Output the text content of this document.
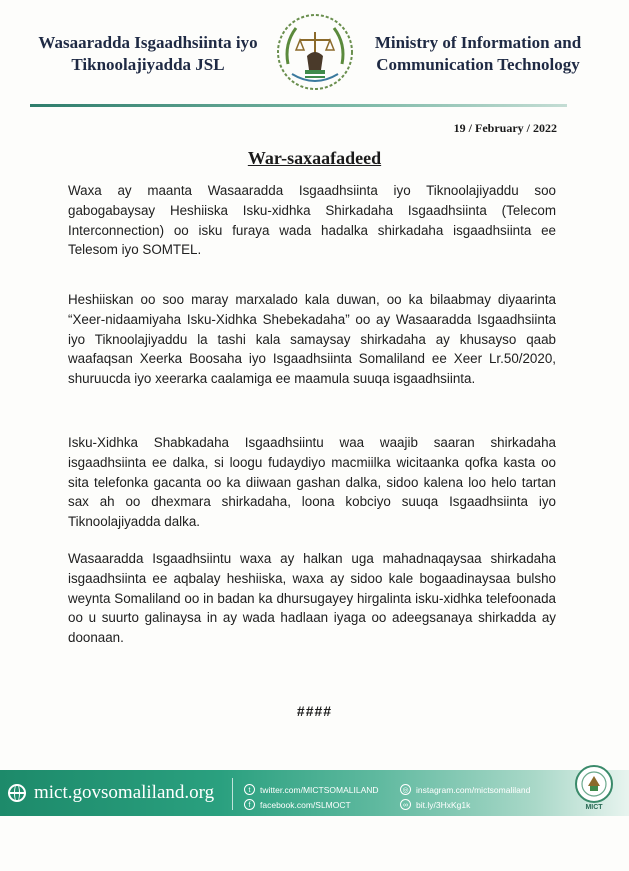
Wasaaradda Isgaadhsiinta iyo
Tiknoolajiyadda JSL
Ministry of Information and
Communication Technology
19 / February / 2022
War-saxaafadeed
Waxa ay maanta Wasaaradda Isgaadhsiinta iyo Tiknoolajiyaddu soo gabogabaysay Heshiiska Isku-xidhka Shirkadaha Isgaadhsiinta (Telecom Interconnection) oo isku furaya wada hadalka shirkadaha isgaadhsiinta ee Telesom iyo SOMTEL.
Heshiiskan oo soo maray marxalado kala duwan, oo ka bilaabmay diyaarinta “Xeer-nidaamiyaha Isku-Xidhka Shebekadaha” oo ay Wasaaradda Isgaadhsiinta iyo Tiknoolajiyaddu la tashi kala samaysay shirkadaha ay khusayso qaab waafaqsan Xeerka Boosaha iyo Isgaadhsiinta Somaliland ee Xeer Lr.50/2020, shuruucda iyo xeerarka caalamiga ee maamula suuqa isgaadhsiinta.
Isku-Xidhka Shabkadaha Isgaadhsiintu waa waajib saaran shirkadaha isgaadhsiinta ee dalka, si loogu fudaydiyo macmiilka wicitaanka qofka kasta oo sita telefonka gacanta oo ka diiwaan gashan dalka, sidoo kalena loo helo tartan sax ah oo dhexmara shirkadaha, loona kobciyo suuqa Isgaadhsiinta iyo Tiknoolajiyadda dalka.
Wasaaradda Isgaadhsiintu waxa ay halkan uga mahadnaqaysaa shirkadaha isgaadhsiinta ee aqbalay heshiiska, waxa ay sidoo kale bogaadinaysaa bulsho weynta Somaliland oo in badan ka dhursugayey hirgalinta isku-xidhka telefoonada oo u suurto galinaysa in ay wada hadlaan iyaga oo adeegsanaya shirkadda ay doonaan.
####
mict.govsomaliland.org	t	twitter.com/MICTSOMALILAND
f	facebook.com/SLMOCT
◎ instagram.com/mictsomaliland
∞ bit.ly/3HxKg1k	MICT
